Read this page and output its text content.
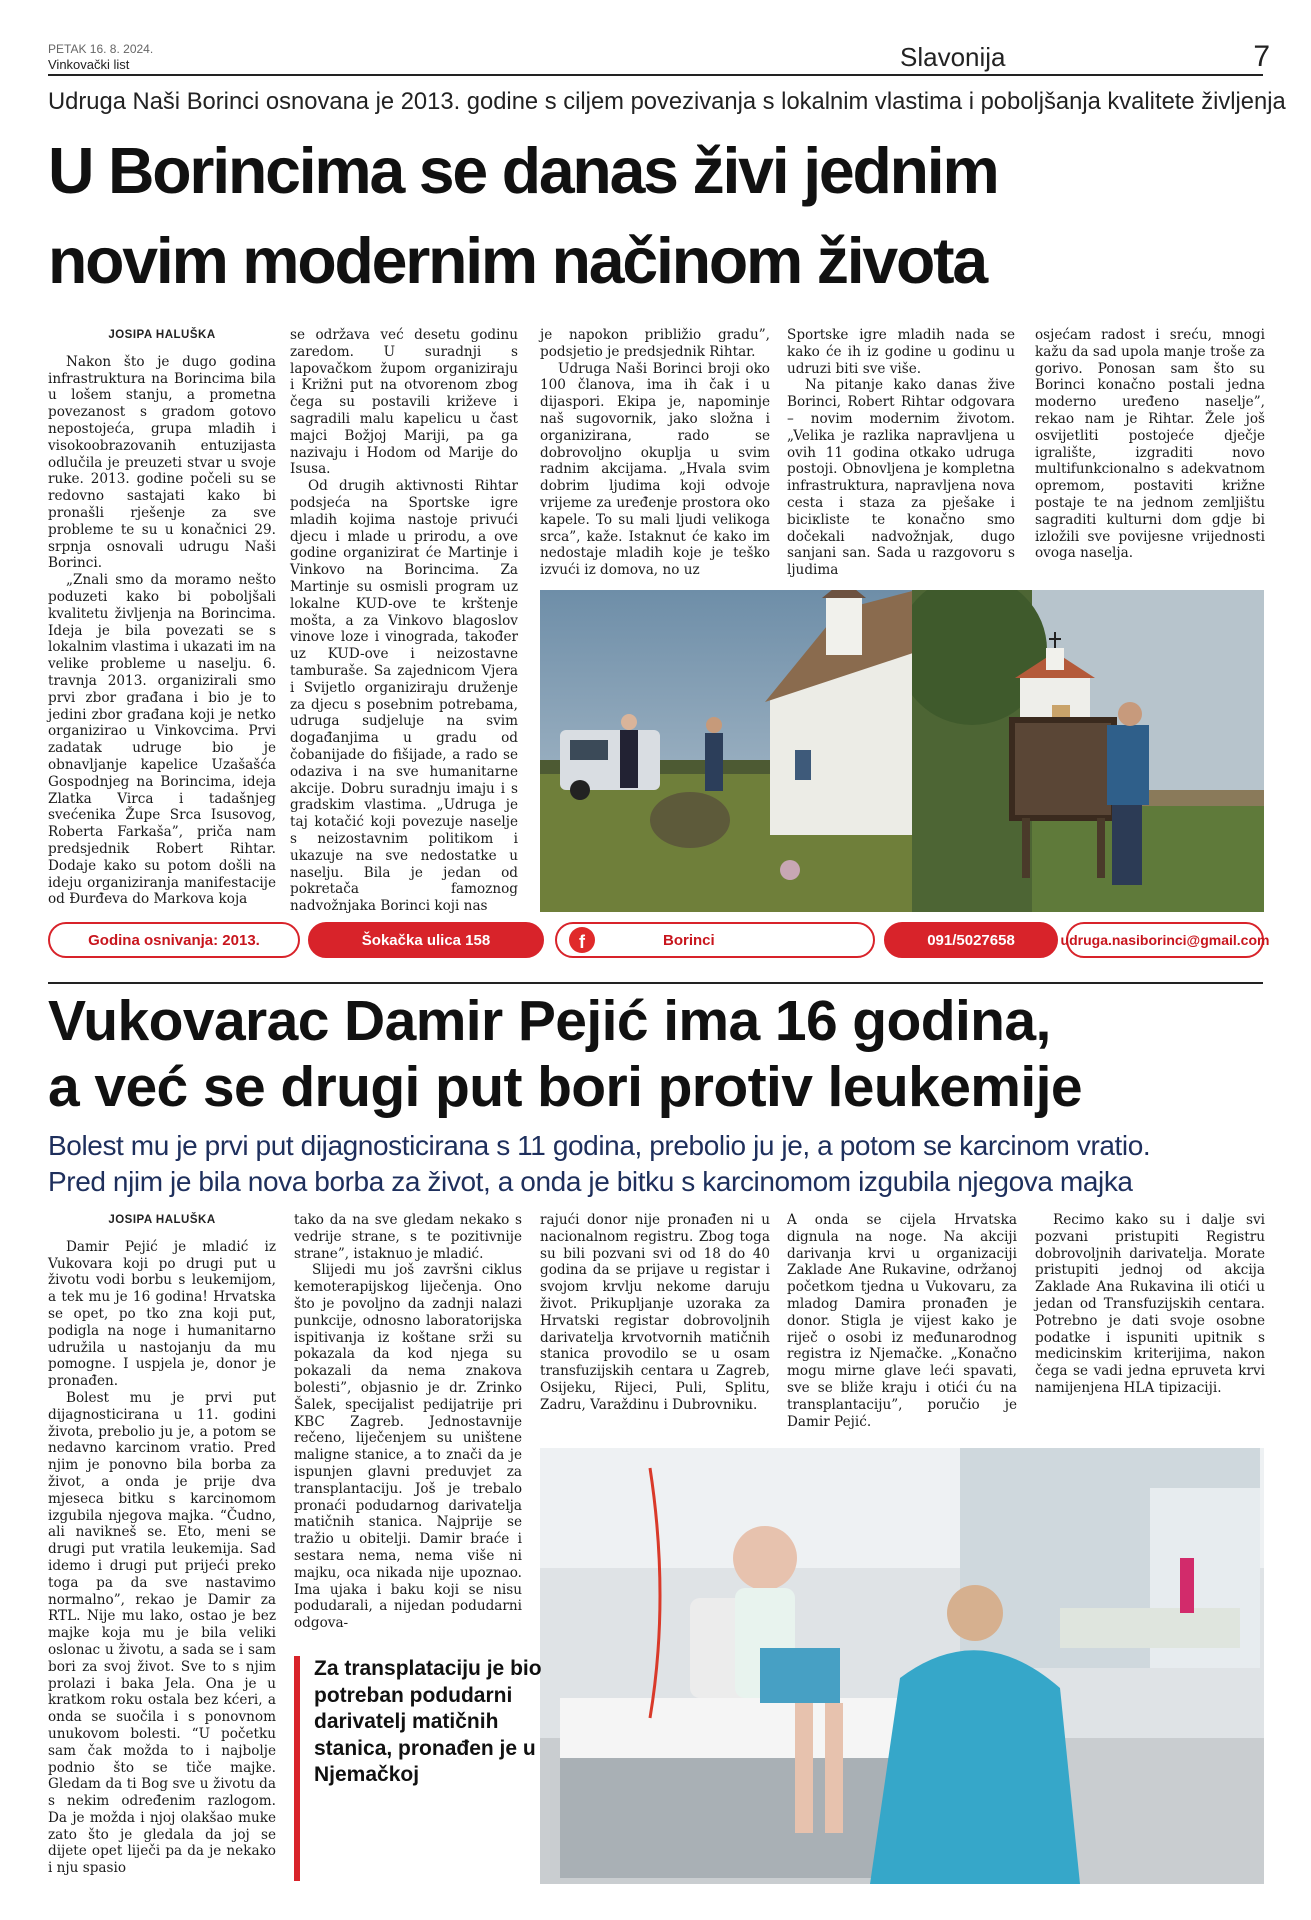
PETAK 16. 8. 2024.
Vinkovački list	Slavonija	7
Udruga Naši Borinci osnovana je 2013. godine s ciljem povezivanja s lokalnim vlastima i poboljšanja kvalitete življenja
U Borincima se danas živi jednim
novim modernim načinom života
JOSIPA HALUŠKA

Nakon što je dugo godina infrastruktura na Borincima bila u lošem stanju, a prometna povezanost s gradom gotovo nepostojeća, grupa mladih i visokoobrazovanih entuzijasta odlučila je preuzeti stvar u svoje ruke. 2013. godine počeli su se redovno sastajati kako bi pronašli rješenje za sve probleme te su u konačnici 29. srpnja osnovali udrugu Naši Borinci.

„Znali smo da moramo nešto poduzeti kako bi poboljšali kvalitetu življenja na Borincima. Ideja je bila povezati se s lokalnim vlastima i ukazati im na velike probleme u naselju. 6. travnja 2013. organizirali smo prvi zbor građana i bio je to jedini zbor građana koji je netko organizirao u Vinkovcima. Prvi zadatak udruge bio je obnavljanje kapelice Uzašašća Gospodnjeg na Borincima, ideja Zlatka Virca i tadašnjeg svećenika Župe Srca Isusovog, Roberta Farkaša”, priča nam predsjednik Robert Rihtar. Dodaje kako su potom došli na ideju organiziranja manifestacije od Đurđeva do Markova koja

se održava već desetu godinu zaredom. U suradnji s lapovačkom župom organiziraju i Križni put na otvorenom zbog čega su postavili križeve i sagradili malu kapelicu u čast majci Božjoj Mariji, pa ga nazivaju i Hodom od Marije do Isusa.

Od drugih aktivnosti Rihtar podsjeća na Sportske igre mladih kojima nastoje privući djecu i mlade u prirodu, a ove godine organizirat će Martinje i Vinkovo na Borincima. Za Martinje su osmisli program uz lokalne KUD-ove te krštenje mošta, a za Vinkovo blagoslov vinove loze i vinograda, također uz KUD-ove i neizostavne tamburaše. Sa zajednicom Vjera i Svijetlo organiziraju druženje za djecu s posebnim potrebama, udruga sudjeluje na svim događanjima u gradu od čobanijade do fišijade, a rado se odaziva i na sve humanitarne akcije. Dobru suradnju imaju i s gradskim vlastima. „Udruga je taj kotačić koji povezuje naselje s neizostavnim politikom i ukazuje na sve nedostatke u naselju. Bila je jedan od pokretača famoznog nadvožnjaka Borinci koji nas

je napokon približio gradu”, podsjetio je predsjednik Rihtar.

Udruga Naši Borinci broji oko 100 članova, ima ih čak i u dijaspori. Ekipa je, napominje naš sugovornik, jako složna i organizirana, rado se dobrovoljno okuplja u svim radnim akcijama. „Hvala svim dobrim ljudima koji odvoje vrijeme za uređenje prostora oko kapele. To su mali ljudi velikoga srca”, kaže. Istaknut će kako im nedostaje mladih koje je teško izvući iz domova, no uz

Sportske igre mladih nada se kako će ih iz godine u godinu u udruzi biti sve više.

Na pitanje kako danas žive Borinci, Robert Rihtar odgovara – novim modernim životom. „Velika je razlika napravljena u ovih 11 godina otkako udruga postoji. Obnovljena je kompletna infrastruktura, napravljena nova cesta i staza za pješake i biciкliste te konačno smo dočekali nadvožnjak, dugo sanjani san. Sada u razgovoru s ljudima

osjećam radost i sreću, mnogi kažu da sad upola manje troše za gorivo. Ponosan sam što su Borinci konačno postali jedna moderno uređeno naselje”, rekao nam je Rihtar. Žele još osvijetliti postojeće dječje igralište, izgraditi novo multifunkcionalno s adekvatnom opremom, postaviti križne postaje te na jednom zemljištu sagraditi kulturni dom gdje bi izložili sve povijesne vrijednosti ovoga naselja.

Godina osnivanja: 2013.	Šokačka ulica 158	f	Borinci	091/5027658	udruga.nasiborinci@gmail.com
Vukovarac Damir Pejić ima 16 godina,
a već se drugi put bori protiv leukemije
Bolest mu je prvi put dijagnosticirana s 11 godina, prebolio ju je, a potom se karcinom vratio.
Pred njim je bila nova borba za život, a onda je bitku s karcinomom izgubila njegova majka
JOSIPA HALUŠKA

Damir Pejić je mladić iz Vukovara koji po drugi put u životu vodi borbu s leukemijom, a tek mu je 16 godina! Hrvatska se opet, po tko zna koji put, podigla na noge i humanitarno udružila u nastojanju da mu pomogne. I uspjela je, donor je pronađen.

Bolest mu je prvi put dijagnosticirana u 11. godini života, prebolio ju je, a potom se nedavno karcinom vratio. Pred njim je ponovno bila borba za život, a onda je prije dva mjeseca bitku s karcinomom izgubila njegova majka. “Čudno, ali navikneš se. Eto, meni se drugi put vratila leukemija. Sad idemo i drugi put prijeći preko toga pa da sve nastavimo normalno”, rekao je Damir za RTL. Nije mu lako, ostao je bez majke koja mu je bila veliki oslonac u životu, a sada se i sam bori za svoj život. Sve to s njim prolazi i baka Jela. Ona je u kratkom roku ostala bez kćeri, a onda se suočila i s ponovnom unukovom bolesti. “U početku sam čak možda to i najbolje podnio što se tiče majke. Gledam da ti Bog sve u životu da s nekim određenim razlogom. Da je možda i njoj olakšao muke zato što je gledala da joj se dijete opet liječi pa da je nekako i nju spasio

tako da na sve gledam nekako s vedrije strane, s te pozitivnije strane”, istaknuo je mladić.

Slijedi mu još završni ciklus kemoterapijskog liječenja. Ono što je povoljno da zadnji nalazi punkcije, odnosno laboratorijska ispitivanja iz koštane srži su pokazala da kod njega su pokazali da nema znakova bolesti”, objasnio je dr. Zrinko Šalek, specijalist pedijatrije pri KBC Zagreb. Jednostavnije rečeno, liječenjem su uništene maligne stanice, a to znači da je ispunjen glavni preduvjet za transplantaciju. Još je trebalo pronaći podudarnog darivatelja matičnih stanica. Najprije se tražio u obitelji. Damir braće i sestara nema, nema više ni majku, oca nikada nije upoznao. Ima ujaka i baku koji se nisu podudarali, a nijedan podudarni odgova-

rajući donor nije pronađen ni u nacionalnom registru. Zbog toga su bili pozvani svi od 18 do 40 godina da se prijave u registar i svojom krvlju nekome daruju život. Prikupljanje uzoraka za Hrvatski registar dobrovoljnih darivatelja krvotvornih matičnih stanica provodilo se u osam transfuzijskih centara u Zagreb, Osijeku, Rijeci, Puli, Splitu, Zadru, Varaždinu i Dubrovniku.

A onda se cijela Hrvatska dignula na noge. Na akciji darivanja krvi u organizaciji Zaklade Ane Rukavine, održanoj početkom tjedna u Vukovaru, za mladog Damira pronađen je donor. Stigla je vijest kako je riječ o osobi iz međunarodnog registra iz Njemačke. „Konačno mogu mirne glave leći spavati, sve se bliže kraju i otići ću na transplantaciju”, poručio je Damir Pejić.

Recimo kako su i dalje svi pozvani pristupiti Registru dobrovoljnih darivatelja. Morate pristupiti jednoj od akcija Zaklade Ana Rukavina ili otići u jedan od Transfuzijskih centara. Potrebno je dati svoje osobne podatke i ispuniti upitnik s medicinskim kriterijima, nakon čega se vadi jedna epruveta krvi namijenjena HLA tipizaciji.

Za transplataciju je bio potreban podudarni darivatelj matičnih stanica, pronađen je u Njemačkoj
